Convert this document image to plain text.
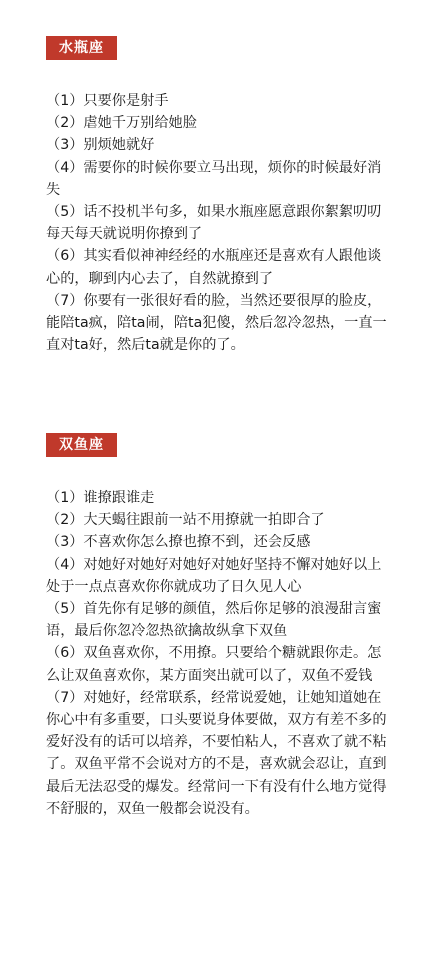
水瓶座
（1）只要你是射手
（2）虐她千万别给她脸
（3）别烦她就好
（4）需要你的时候你要立马出现，烦你的时候最好消失
（5）话不投机半句多，如果水瓶座愿意跟你絮絮叨叨每天每天就说明你撩到了
（6）其实看似神神经经的水瓶座还是喜欢有人跟他谈心的，聊到内心去了，自然就撩到了
（7）你要有一张很好看的脸，当然还要很厚的脸皮，能陪ta疯，陪ta闹，陪ta犯傻，然后忽冷忽热，一直一直对ta好，然后ta就是你的了。
双鱼座
（1）谁撩跟谁走
（2）大天蝎往跟前一站不用撩就一拍即合了
（3）不喜欢你怎么撩也撩不到，还会反感
（4）对她好对她好对她好对她好坚持不懈对她好以上处于一点点喜欢你你就成功了日久见人心
（5）首先你有足够的颜值，然后你足够的浪漫甜言蜜语，最后你忽冷忽热欲擒故纵拿下双鱼
（6）双鱼喜欢你，不用撩。只要给个糖就跟你走。怎么让双鱼喜欢你，某方面突出就可以了，双鱼不爱钱
（7）对她好，经常联系，经常说爱她，让她知道她在你心中有多重要，口头要说身体要做，双方有差不多的爱好没有的话可以培养，不要怕粘人，不喜欢了就不粘了。双鱼平常不会说对方的不是，喜欢就会忍让，直到最后无法忍受的爆发。经常问一下有没有什么地方觉得不舒服的，双鱼一般都会说没有。
